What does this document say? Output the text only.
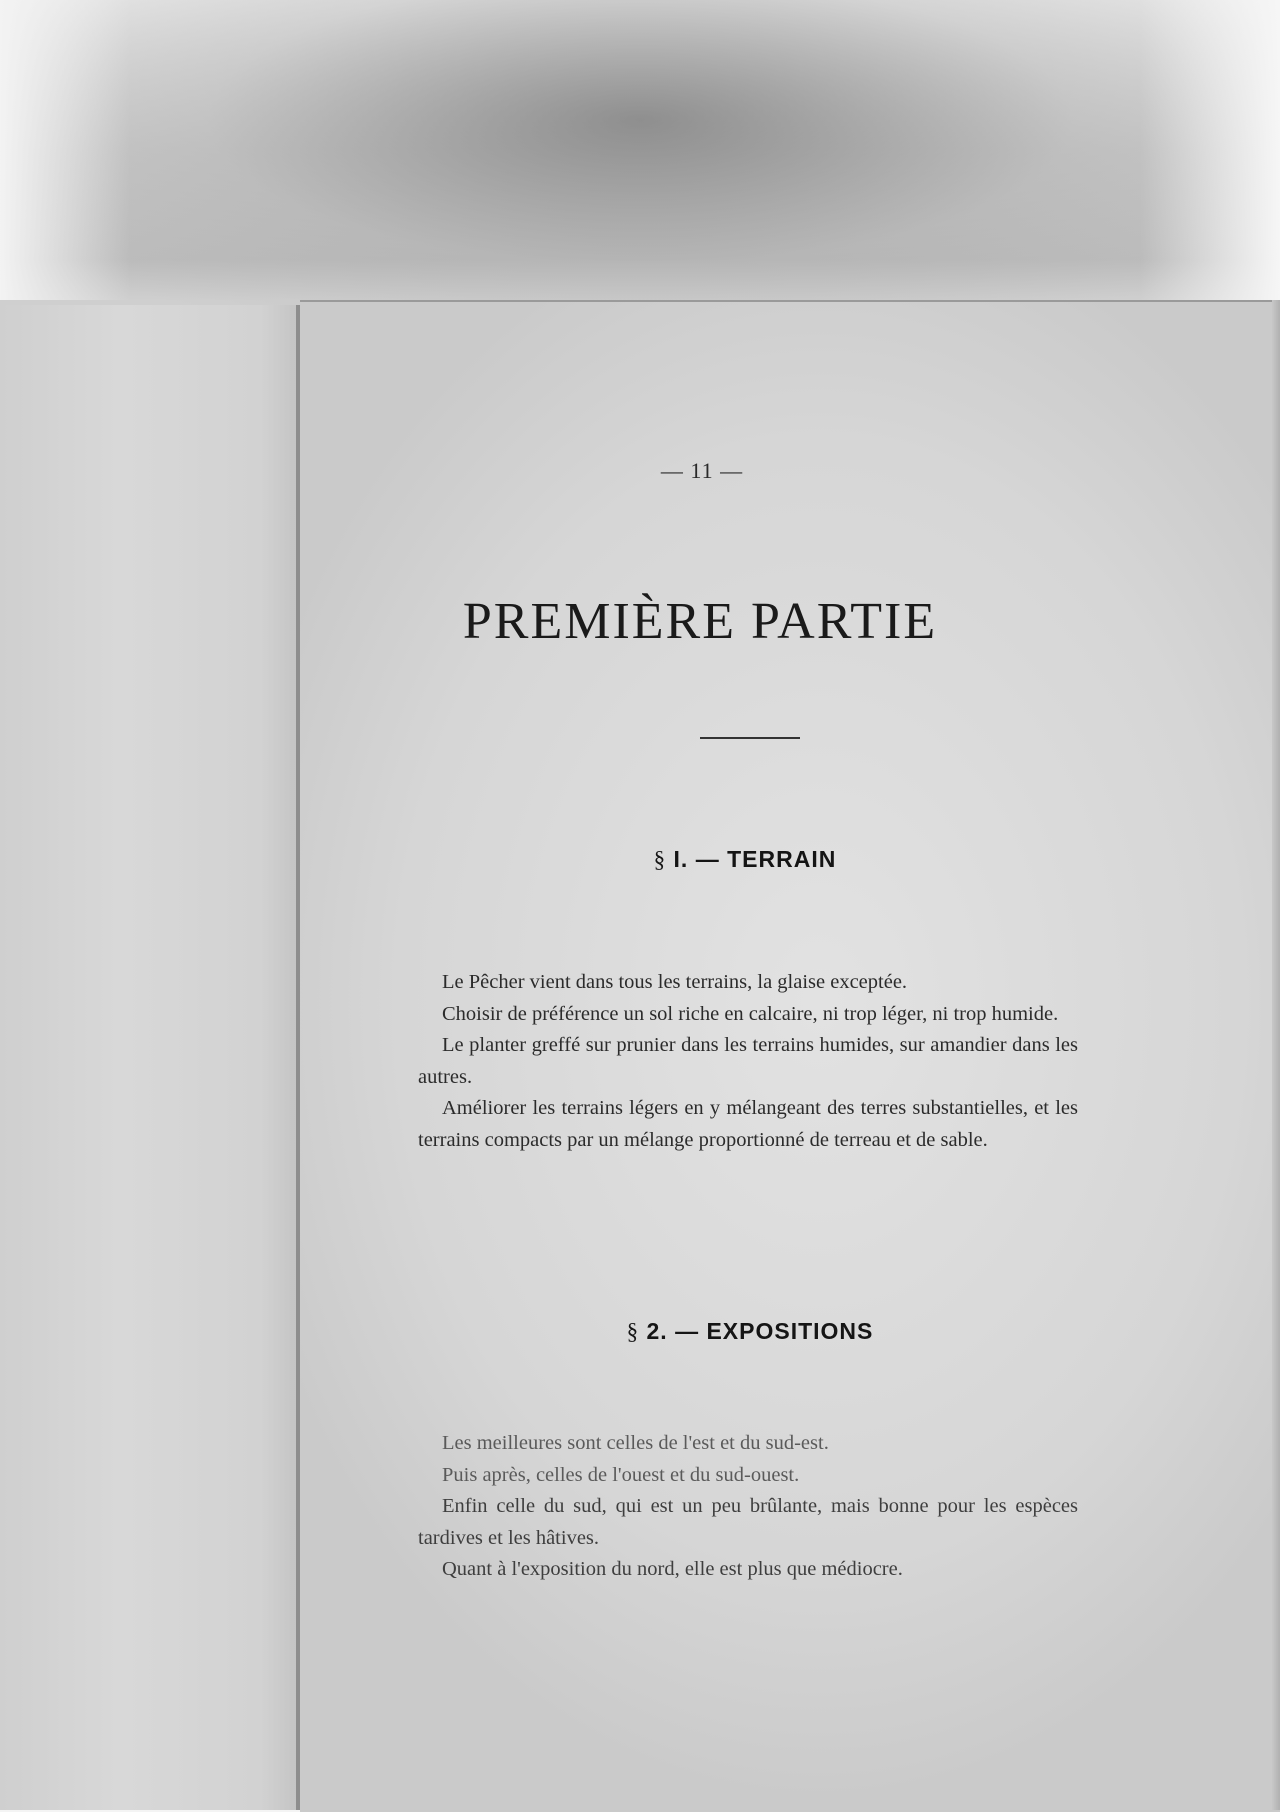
— 11 —
PREMIÈRE PARTIE
§ I. — TERRAIN

Le Pêcher vient dans tous les terrains, la glaise exceptée.

Choisir de préférence un sol riche en calcaire, ni trop léger, ni trop humide.

Le planter greffé sur prunier dans les terrains humides, sur amandier dans les autres.

Améliorer les terrains légers en y mélangeant des terres substantielles, et les terrains compacts par un mélange proportionné de terreau et de sable.

§ 2. — EXPOSITIONS

Les meilleures sont celles de l'est et du sud-est.

Puis après, celles de l'ouest et du sud-ouest.

Enfin celle du sud, qui est un peu brûlante, mais bonne pour les espèces tardives et les hâtives.

Quant à l'exposition du nord, elle est plus que médiocre.
